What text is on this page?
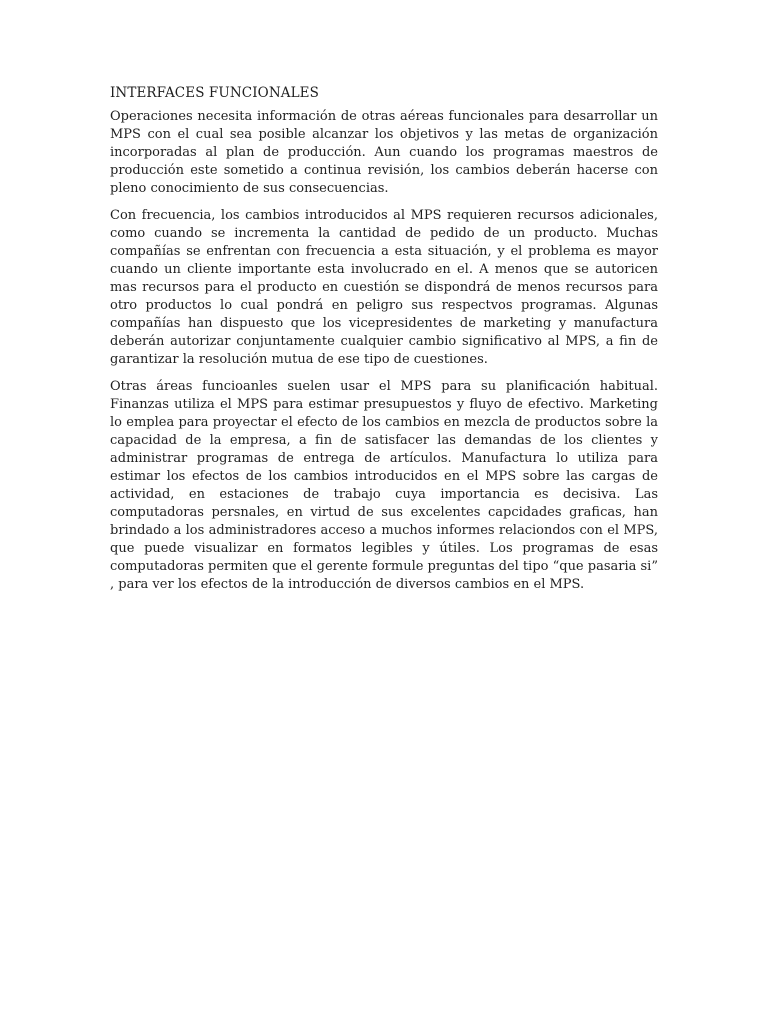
INTERFACES FUNCIONALES

Operaciones necesita información de otras aéreas funcionales para desarrollar un MPS con el cual sea posible alcanzar los objetivos y las metas de organización incorporadas al plan de producción. Aun cuando los programas maestros de producción este sometido a continua revisión, los cambios deberán hacerse con pleno conocimiento de sus consecuencias.

Con frecuencia, los cambios introducidos al MPS requieren recursos adicionales, como cuando se incrementa la cantidad de pedido de un producto. Muchas compañías se enfrentan con frecuencia a esta situación, y el problema es mayor cuando un cliente importante esta involucrado en el. A menos que se autoricen mas recursos para el producto en cuestión se dispondrá de menos recursos para otro productos lo cual pondrá en peligro sus respectvos programas. Algunas compañías han dispuesto que los vicepresidentes de marketing y manufactura deberán autorizar conjuntamente cualquier cambio significativo al MPS, a fin de garantizar la resolución mutua de ese tipo de cuestiones.

Otras áreas funcioanles suelen usar el MPS para su planificación habitual. Finanzas utiliza el MPS para estimar presupuestos y fluyo de efectivo. Marketing lo emplea para proyectar el efecto de los cambios en mezcla de productos sobre la capacidad de la empresa, a fin de satisfacer las demandas de los clientes y administrar programas de entrega de artículos. Manufactura lo utiliza para estimar los efectos de los cambios introducidos en el MPS sobre las cargas de actividad, en estaciones de trabajo cuya importancia es decisiva. Las computadoras persnales, en virtud de sus excelentes capcidades graficas, han brindado a los administradores acceso a muchos informes relaciondos con el MPS, que puede visualizar en formatos legibles y útiles. Los programas de esas computadoras permiten que el gerente formule preguntas del tipo “que pasaria si” , para ver los efectos de la introducción de diversos cambios en el MPS.
